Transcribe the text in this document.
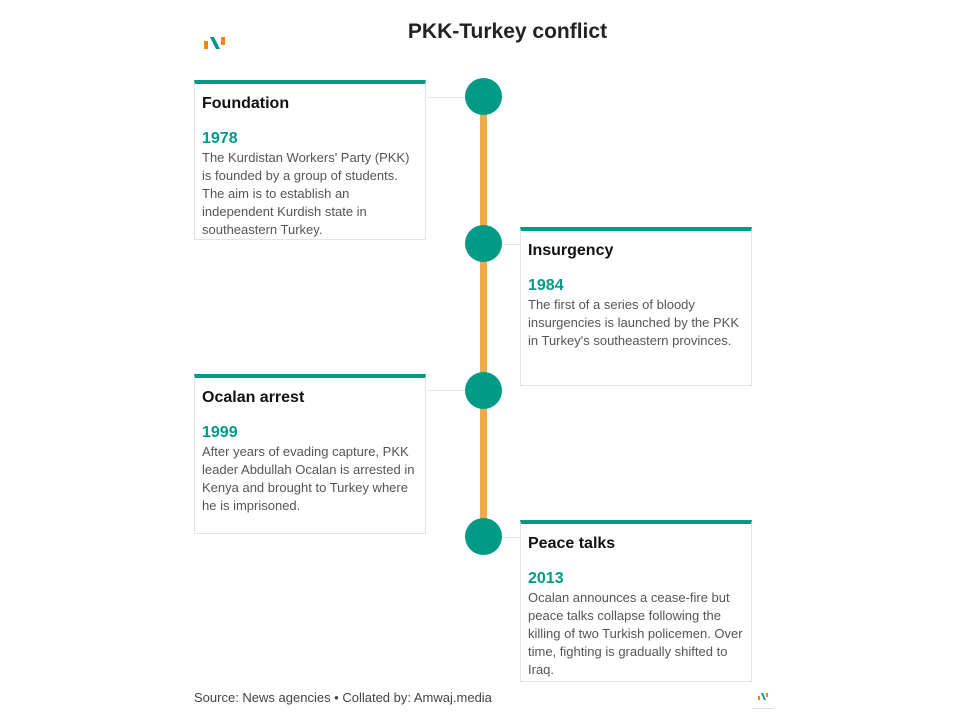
PKK-Turkey conflict
Foundation
1978
The Kurdistan Workers' Party (PKK) is founded by a group of students. The aim is to establish an independent Kurdish state in southeastern Turkey.
Insurgency
1984
The first of a series of bloody insurgencies is launched by the PKK in Turkey's southeastern provinces.
Ocalan arrest
1999
After years of evading capture, PKK leader Abdullah Ocalan is arrested in Kenya and brought to Turkey where he is imprisoned.
Peace talks
2013
Ocalan announces a cease-fire but peace talks collapse following the killing of two Turkish policemen. Over time, fighting is gradually shifted to Iraq.
Source: News agencies • Collated by: Amwaj.media
